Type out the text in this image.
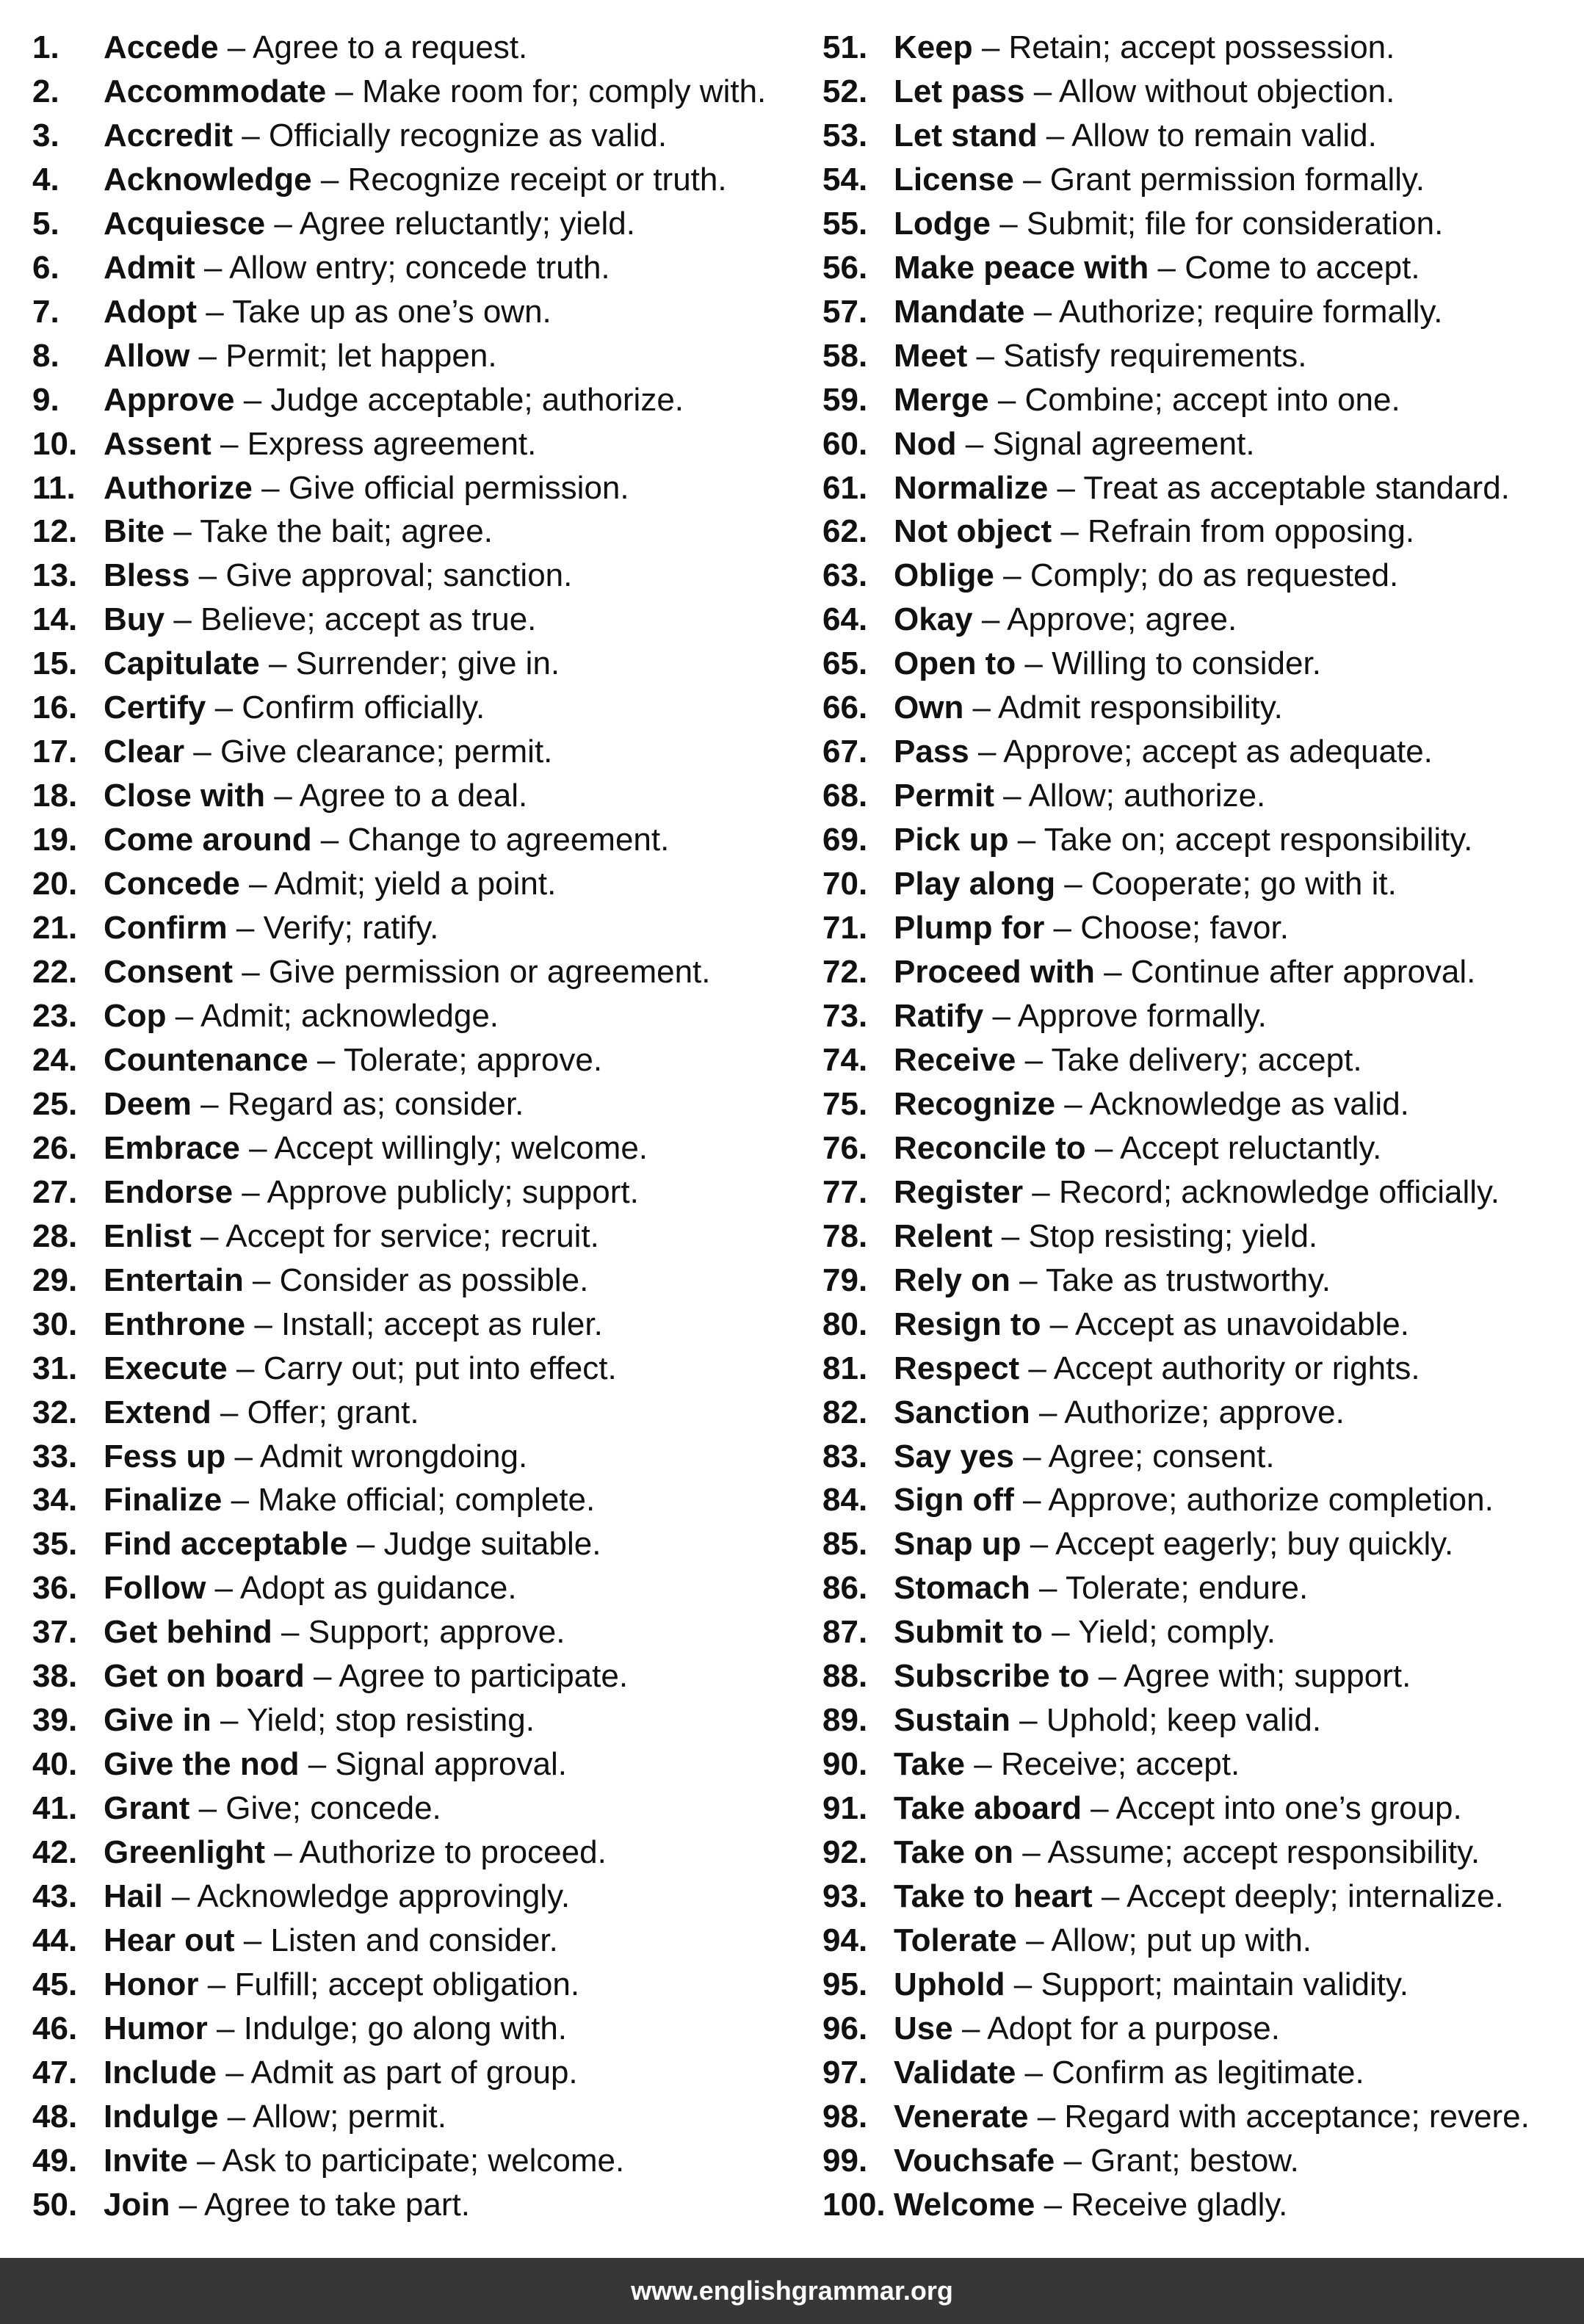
1. Accede – Agree to a request.
2. Accommodate – Make room for; comply with.
3. Accredit – Officially recognize as valid.
4. Acknowledge – Recognize receipt or truth.
5. Acquiesce – Agree reluctantly; yield.
6. Admit – Allow entry; concede truth.
7. Adopt – Take up as one’s own.
8. Allow – Permit; let happen.
9. Approve – Judge acceptable; authorize.
10. Assent – Express agreement.
11. Authorize – Give official permission.
12. Bite – Take the bait; agree.
13. Bless – Give approval; sanction.
14. Buy – Believe; accept as true.
15. Capitulate – Surrender; give in.
16. Certify – Confirm officially.
17. Clear – Give clearance; permit.
18. Close with – Agree to a deal.
19. Come around – Change to agreement.
20. Concede – Admit; yield a point.
21. Confirm – Verify; ratify.
22. Consent – Give permission or agreement.
23. Cop – Admit; acknowledge.
24. Countenance – Tolerate; approve.
25. Deem – Regard as; consider.
26. Embrace – Accept willingly; welcome.
27. Endorse – Approve publicly; support.
28. Enlist – Accept for service; recruit.
29. Entertain – Consider as possible.
30. Enthrone – Install; accept as ruler.
31. Execute – Carry out; put into effect.
32. Extend – Offer; grant.
33. Fess up – Admit wrongdoing.
34. Finalize – Make official; complete.
35. Find acceptable – Judge suitable.
36. Follow – Adopt as guidance.
37. Get behind – Support; approve.
38. Get on board – Agree to participate.
39. Give in – Yield; stop resisting.
40. Give the nod – Signal approval.
41. Grant – Give; concede.
42. Greenlight – Authorize to proceed.
43. Hail – Acknowledge approvingly.
44. Hear out – Listen and consider.
45. Honor – Fulfill; accept obligation.
46. Humor – Indulge; go along with.
47. Include – Admit as part of group.
48. Indulge – Allow; permit.
49. Invite – Ask to participate; welcome.
50. Join – Agree to take part.
51. Keep – Retain; accept possession.
52. Let pass – Allow without objection.
53. Let stand – Allow to remain valid.
54. License – Grant permission formally.
55. Lodge – Submit; file for consideration.
56. Make peace with – Come to accept.
57. Mandate – Authorize; require formally.
58. Meet – Satisfy requirements.
59. Merge – Combine; accept into one.
60. Nod – Signal agreement.
61. Normalize – Treat as acceptable standard.
62. Not object – Refrain from opposing.
63. Oblige – Comply; do as requested.
64. Okay – Approve; agree.
65. Open to – Willing to consider.
66. Own – Admit responsibility.
67. Pass – Approve; accept as adequate.
68. Permit – Allow; authorize.
69. Pick up – Take on; accept responsibility.
70. Play along – Cooperate; go with it.
71. Plump for – Choose; favor.
72. Proceed with – Continue after approval.
73. Ratify – Approve formally.
74. Receive – Take delivery; accept.
75. Recognize – Acknowledge as valid.
76. Reconcile to – Accept reluctantly.
77. Register – Record; acknowledge officially.
78. Relent – Stop resisting; yield.
79. Rely on – Take as trustworthy.
80. Resign to – Accept as unavoidable.
81. Respect – Accept authority or rights.
82. Sanction – Authorize; approve.
83. Say yes – Agree; consent.
84. Sign off – Approve; authorize completion.
85. Snap up – Accept eagerly; buy quickly.
86. Stomach – Tolerate; endure.
87. Submit to – Yield; comply.
88. Subscribe to – Agree with; support.
89. Sustain – Uphold; keep valid.
90. Take – Receive; accept.
91. Take aboard – Accept into one’s group.
92. Take on – Assume; accept responsibility.
93. Take to heart – Accept deeply; internalize.
94. Tolerate – Allow; put up with.
95. Uphold – Support; maintain validity.
96. Use – Adopt for a purpose.
97. Validate – Confirm as legitimate.
98. Venerate – Regard with acceptance; revere.
99. Vouchsafe – Grant; bestow.
100. Welcome – Receive gladly.
www.englishgrammar.org
